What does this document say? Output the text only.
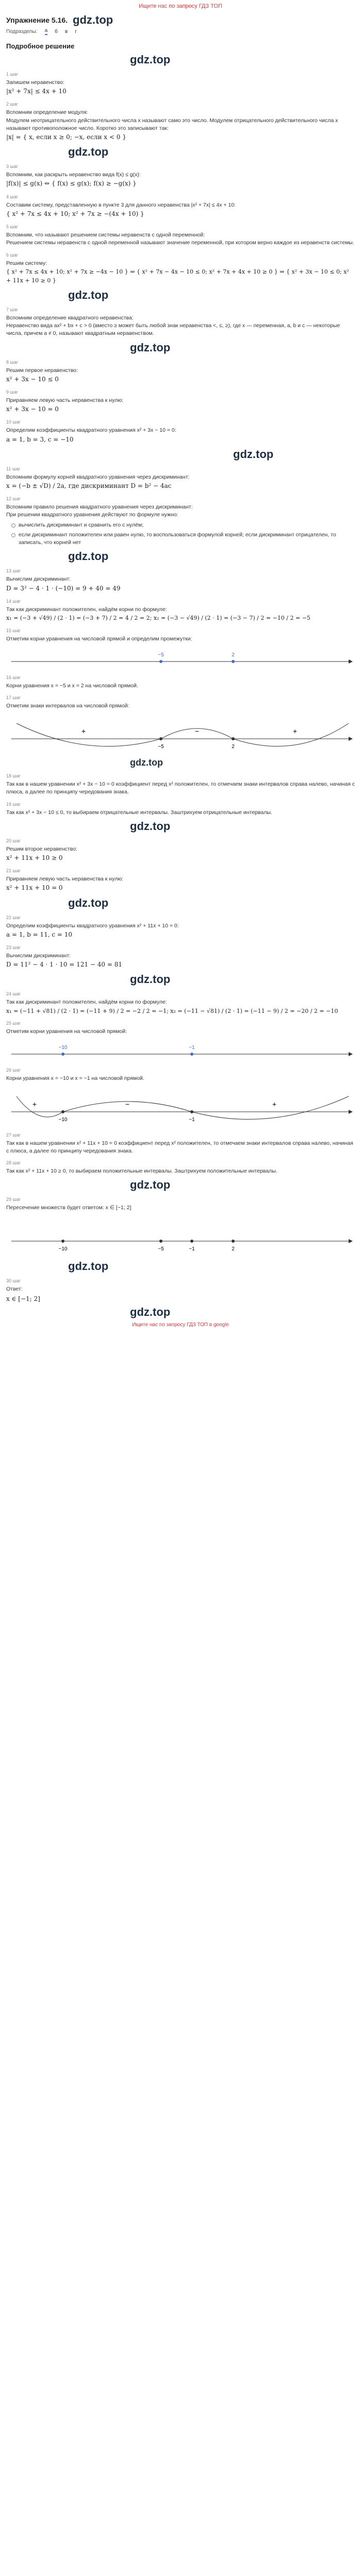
Ищите нас по запросу ГДЗ ТОП
Упражнение 5.16. gdz.top
Подразделы: а б в г
Подробное решение
gdz.top
1 шаг
Запишем неравенство:
|x² + 7x| ≤ 4x + 10
2 шаг
Вспомним определение модуля:
Модулем неотрицательного действительного числа x называют само это число. Модулем отрицательного действительного числа x называют противоположное число. Коротко это записывают так:
|x| = { x, если x ≥ 0; −x, если x < 0 }
gdz.top
3 шаг
Вспомним, как раскрыть неравенство вида f(x) ≤ g(x):
|f(x)| ≤ g(x) ⇔ { f(x) ≤ g(x); f(x) ≥ −g(x) }
4 шаг
Составим систему, представленную в пункте 3 для данного неравенства |x² + 7x| ≤ 4x + 10:
{ x² + 7x ≤ 4x + 10; x² + 7x ≥ −(4x + 10) }
5 шаг
Вспомним, что называют решением системы неравенств с одной переменной:
Решением системы неравенств с одной переменной называют значение переменной, при котором верно каждое из неравенств системы.
6 шаг
Решим систему:
{ x² + 7x ≤ 4x + 10; x² + 7x ≥ −4x − 10 } ⇒ { x² + 7x − 4x − 10 ≤ 0; x² + 7x + 4x + 10 ≥ 0 } ⇒ { x² + 3x − 10 ≤ 0; x² + 11x + 10 ≥ 0 }
gdz.top
7 шаг
Вспомним определение квадратного неравенства:
Неравенство вида ax² + bx + c > 0 (вместо ≥ может быть любой знак неравенства <, ≤, ≥), где x — переменная, a, b и c — некоторые числа, причем a ≠ 0, называют квадратным неравенством.
gdz.top
8 шаг
Решим первое неравенство:
x² + 3x − 10 ≤ 0
9 шаг
Приравняем левую часть неравенства к нулю:
x² + 3x − 10 = 0
10 шаг
Определим коэффициенты квадратного уравнения x² + 3x − 10 = 0:
a = 1, b = 3, c = −10
gdz.top
11 шаг
Вспомним формулу корней квадратного уравнения через дискриминант:
x = (−b ± √D) / 2a, где дискриминант D = b² − 4ac
12 шаг
Вспомним правило решения квадратного уравнения через дискриминант:
При решении квадратного уравнения действуют по формуле нужно:
вычислить дискриминант и сравнить его с нулём;
если дискриминант положителен или равен нулю, то воспользоваться формулой корней; если дискриминант отрицателен, то записать, что корней нет
gdz.top
13 шаг
Вычислим дискриминант:
D = 3² − 4 · 1 · (−10) = 9 + 40 = 49
14 шаг
Так как дискриминант положителен, найдём корни по формуле:
x₁ = (−3 + √49) / (2 · 1) = (−3 + 7) / 2 = 4 / 2 = 2; x₂ = (−3 − √49) / (2 · 1) = (−3 − 7) / 2 = −10 / 2 = −5
15 шаг
Отметим корни уравнения на числовой прямой и определим промежутки:
−5	2
16 шаг
Корни уравнения x = −5 и x = 2 на числовой прямой.
17 шаг
Отметим знаки интервалов на числовой прямой:
−5	2
+	−	+
gdz.top
18 шаг
Так как в нашем уравнении x² + 3x − 10 = 0 коэффициент перед x² положителен, то отмечаем знаки интервалов справа налево, начиная с плюса, а далее по принципу чередования знака.
19 шаг
Так как x² + 3x − 10 ≤ 0, то выбираем отрицательные интервалы. Заштрихуем отрицательные интервалы.
gdz.top
20 шаг
Решим второе неравенство:
x² + 11x + 10 ≥ 0
21 шаг
Приравняем левую часть неравенства к нулю:
x² + 11x + 10 = 0
gdz.top
22 шаг
Определим коэффициенты квадратного уравнения x² + 11x + 10 = 0:
a = 1, b = 11, c = 10
23 шаг
Вычислим дискриминант:
D = 11² − 4 · 1 · 10 = 121 − 40 = 81
gdz.top
24 шаг
Так как дискриминант положителен, найдём корни по формуле:
x₁ = (−11 + √81) / (2 · 1) = (−11 + 9) / 2 = −2 / 2 = −1; x₂ = (−11 − √81) / (2 · 1) = (−11 − 9) / 2 = −20 / 2 = −10
25 шаг
Отметим корни уравнения на числовой прямой:
−10	−1
26 шаг
Корни уравнения x = −10 и x = −1 на числовой прямой.
−10	−1
+	−	+
27 шаг
Так как в нашем уравнении x² + 11x + 10 = 0 коэффициент перед x² положителен, то отмечаем знаки интервалов справа налево, начиная с плюса, а далее по принципу чередования знака.
28 шаг
Так как x² + 11x + 10 ≥ 0, то выбираем положительные интервалы. Заштрихуем положительные интервалы.
gdz.top
29 шаг
Пересечение множеств будет ответом: x ∈ [−1; 2]
−10	−5	−1	2
gdz.top
30 шаг
Ответ:
x ∈ [−1; 2]
gdz.top
Ищите нас по запросу ГДЗ ТОП в google
